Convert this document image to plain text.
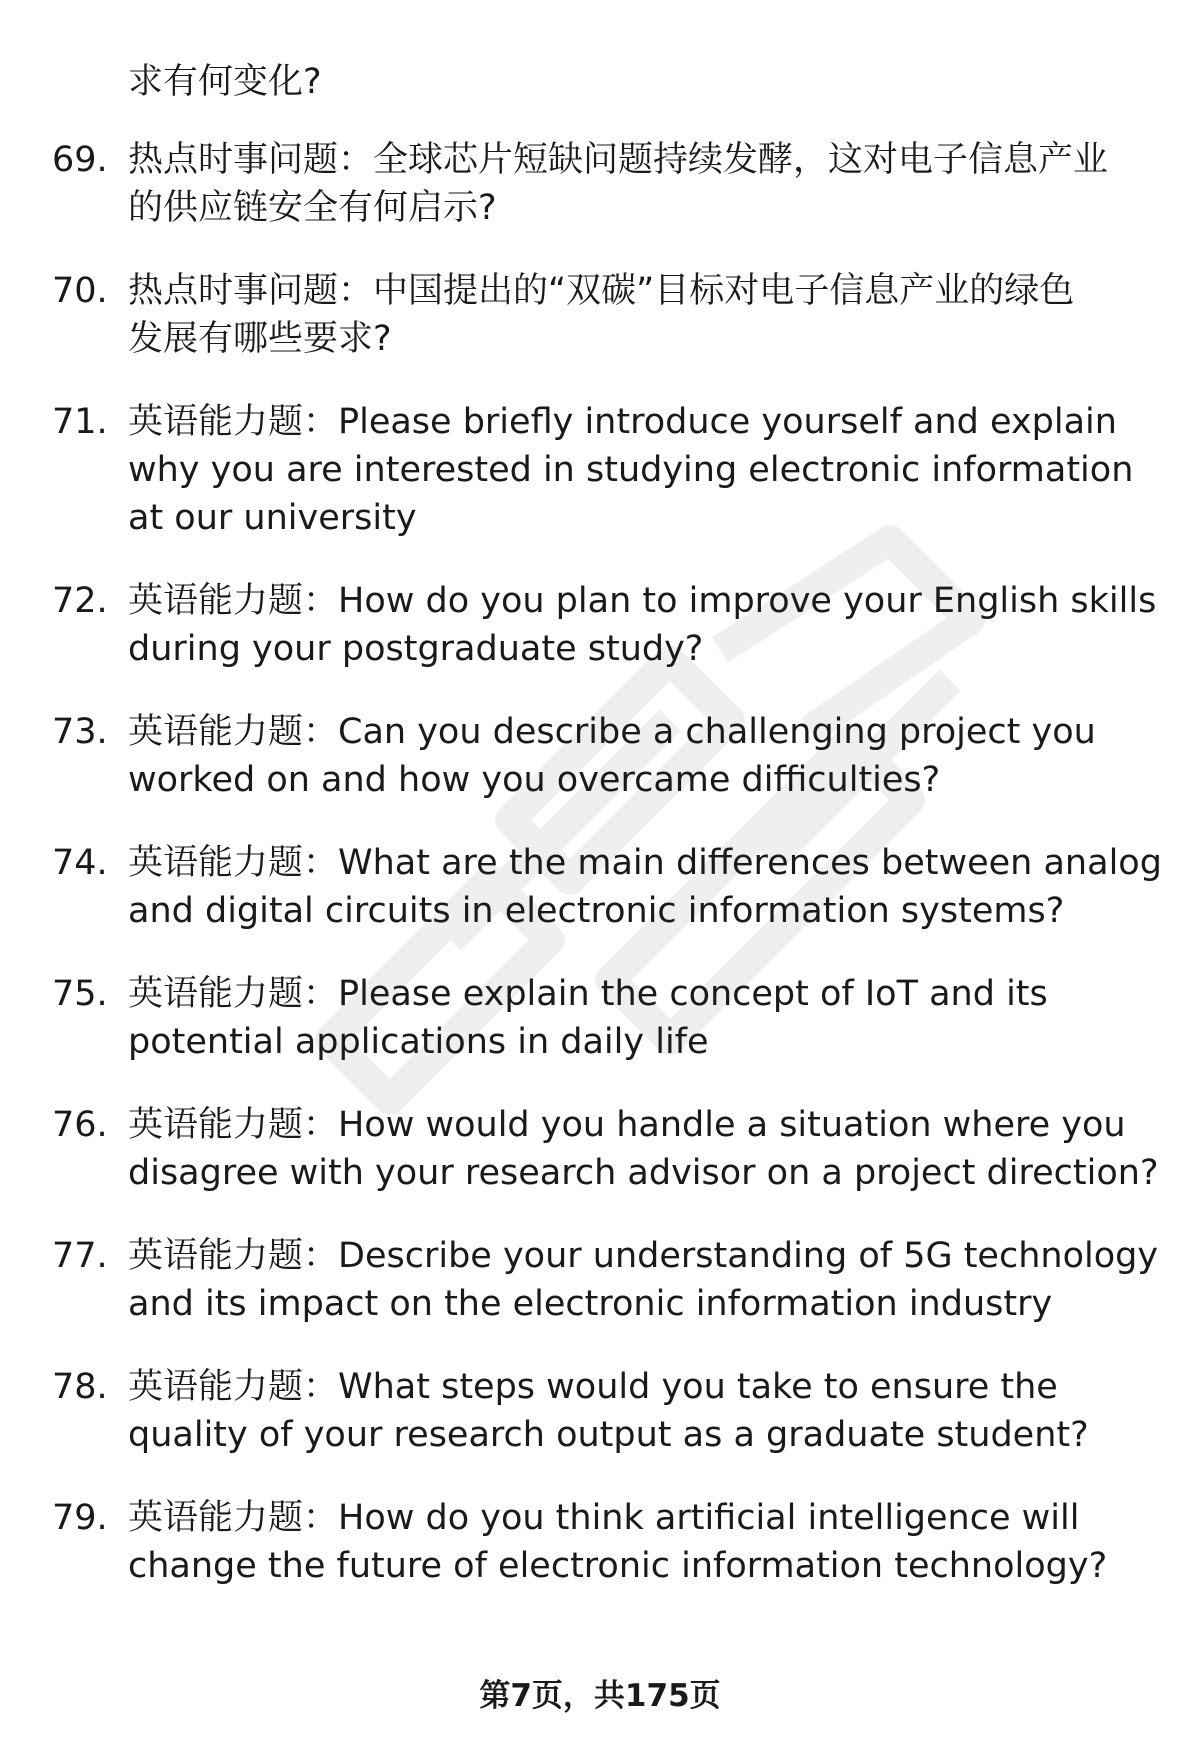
求有何变化?

69. 热点时事问题：全球芯片短缺问题持续发酵，这对电子信息产业
的供应链安全有何启示?

70. 热点时事问题：中国提出的“双碳”目标对电子信息产业的绿色
发展有哪些要求?

71. 英语能力题：Please briefly introduce yourself and explain
why you are interested in studying electronic information
at our university

72. 英语能力题：How do you plan to improve your English skills
during your postgraduate study?

73. 英语能力题：Can you describe a challenging project you
worked on and how you overcame difficulties?

74. 英语能力题：What are the main differences between analog
and digital circuits in electronic information systems?

75. 英语能力题：Please explain the concept of IoT and its
potential applications in daily life

76. 英语能力题：How would you handle a situation where you
disagree with your research advisor on a project direction?

77. 英语能力题：Describe your understanding of 5G technology
and its impact on the electronic information industry

78. 英语能力题：What steps would you take to ensure the
quality of your research output as a graduate student?

79. 英语能力题：How do you think artificial intelligence will
change the future of electronic information technology?

第7页，共175页
